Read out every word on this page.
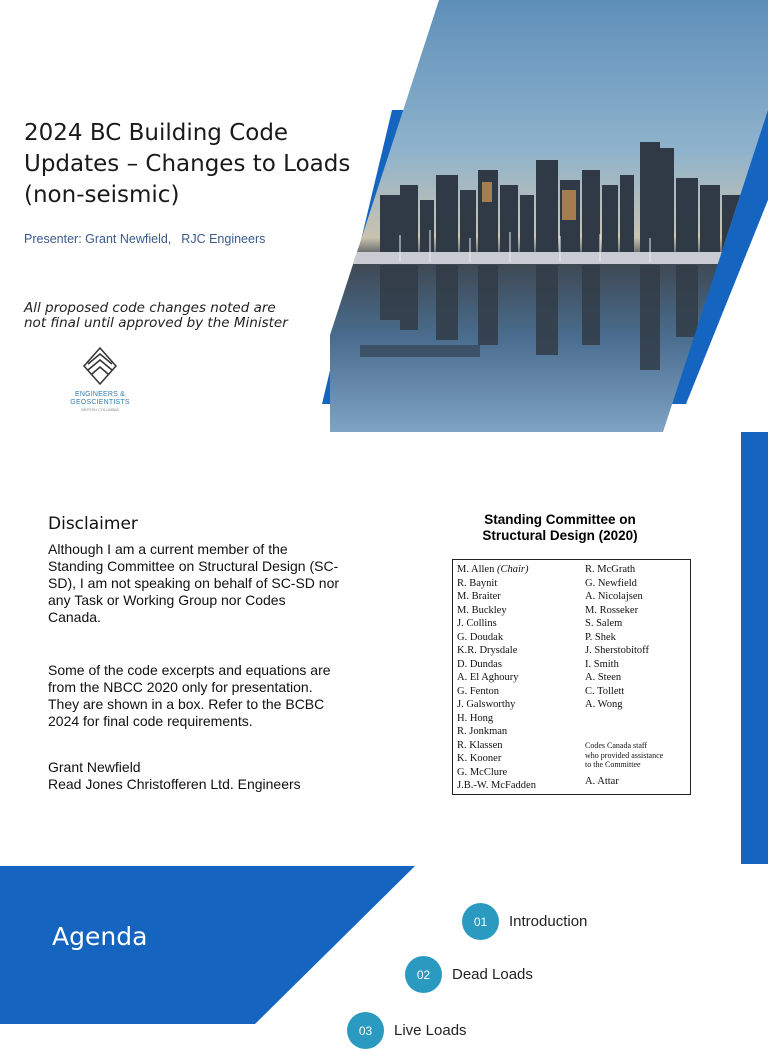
2024 BC Building Code
Updates – Changes to Loads
(non-seismic)
Presenter: Grant Newfield, RJC Engineers
All proposed code changes noted are
not final until approved by the Minister
ENGINEERS &
GEOSCIENTISTS
BRITISH COLUMBIA
Disclaimer
Although I am a current member of the
Standing Committee on Structural Design (SC-
SD), I am not speaking on behalf of SC-SD nor
any Task or Working Group nor Codes
Canada.
Some of the code excerpts and equations are
from the NBCC 2020 only for presentation.
They are shown in a box. Refer to the BCBC
2024 for final code requirements.
Grant Newfield
Read Jones Christofferen Ltd. Engineers
Standing Committee on
Structural Design (2020)
M. Allen (Chair)
R. Baynit
M. Braiter
M. Buckley
J. Collins
G. Doudak
K.R. Drysdale
D. Dundas
A. El Aghoury
G. Fenton
J. Galsworthy
H. Hong
R. Jonkman
R. Klassen
K. Kooner
G. McClure
J.B.-W. McFadden
R. McGrath
G. Newfield
A. Nicolajsen
M. Rosseker
S. Salem
P. Shek
J. Sherstobitoff
I. Smith
A. Steen
C. Tollett
A. Wong
Codes Canada staff
who provided assistance
to the Committee
A. Attar
Agenda
01	Introduction
02	Dead Loads
03	Live Loads
